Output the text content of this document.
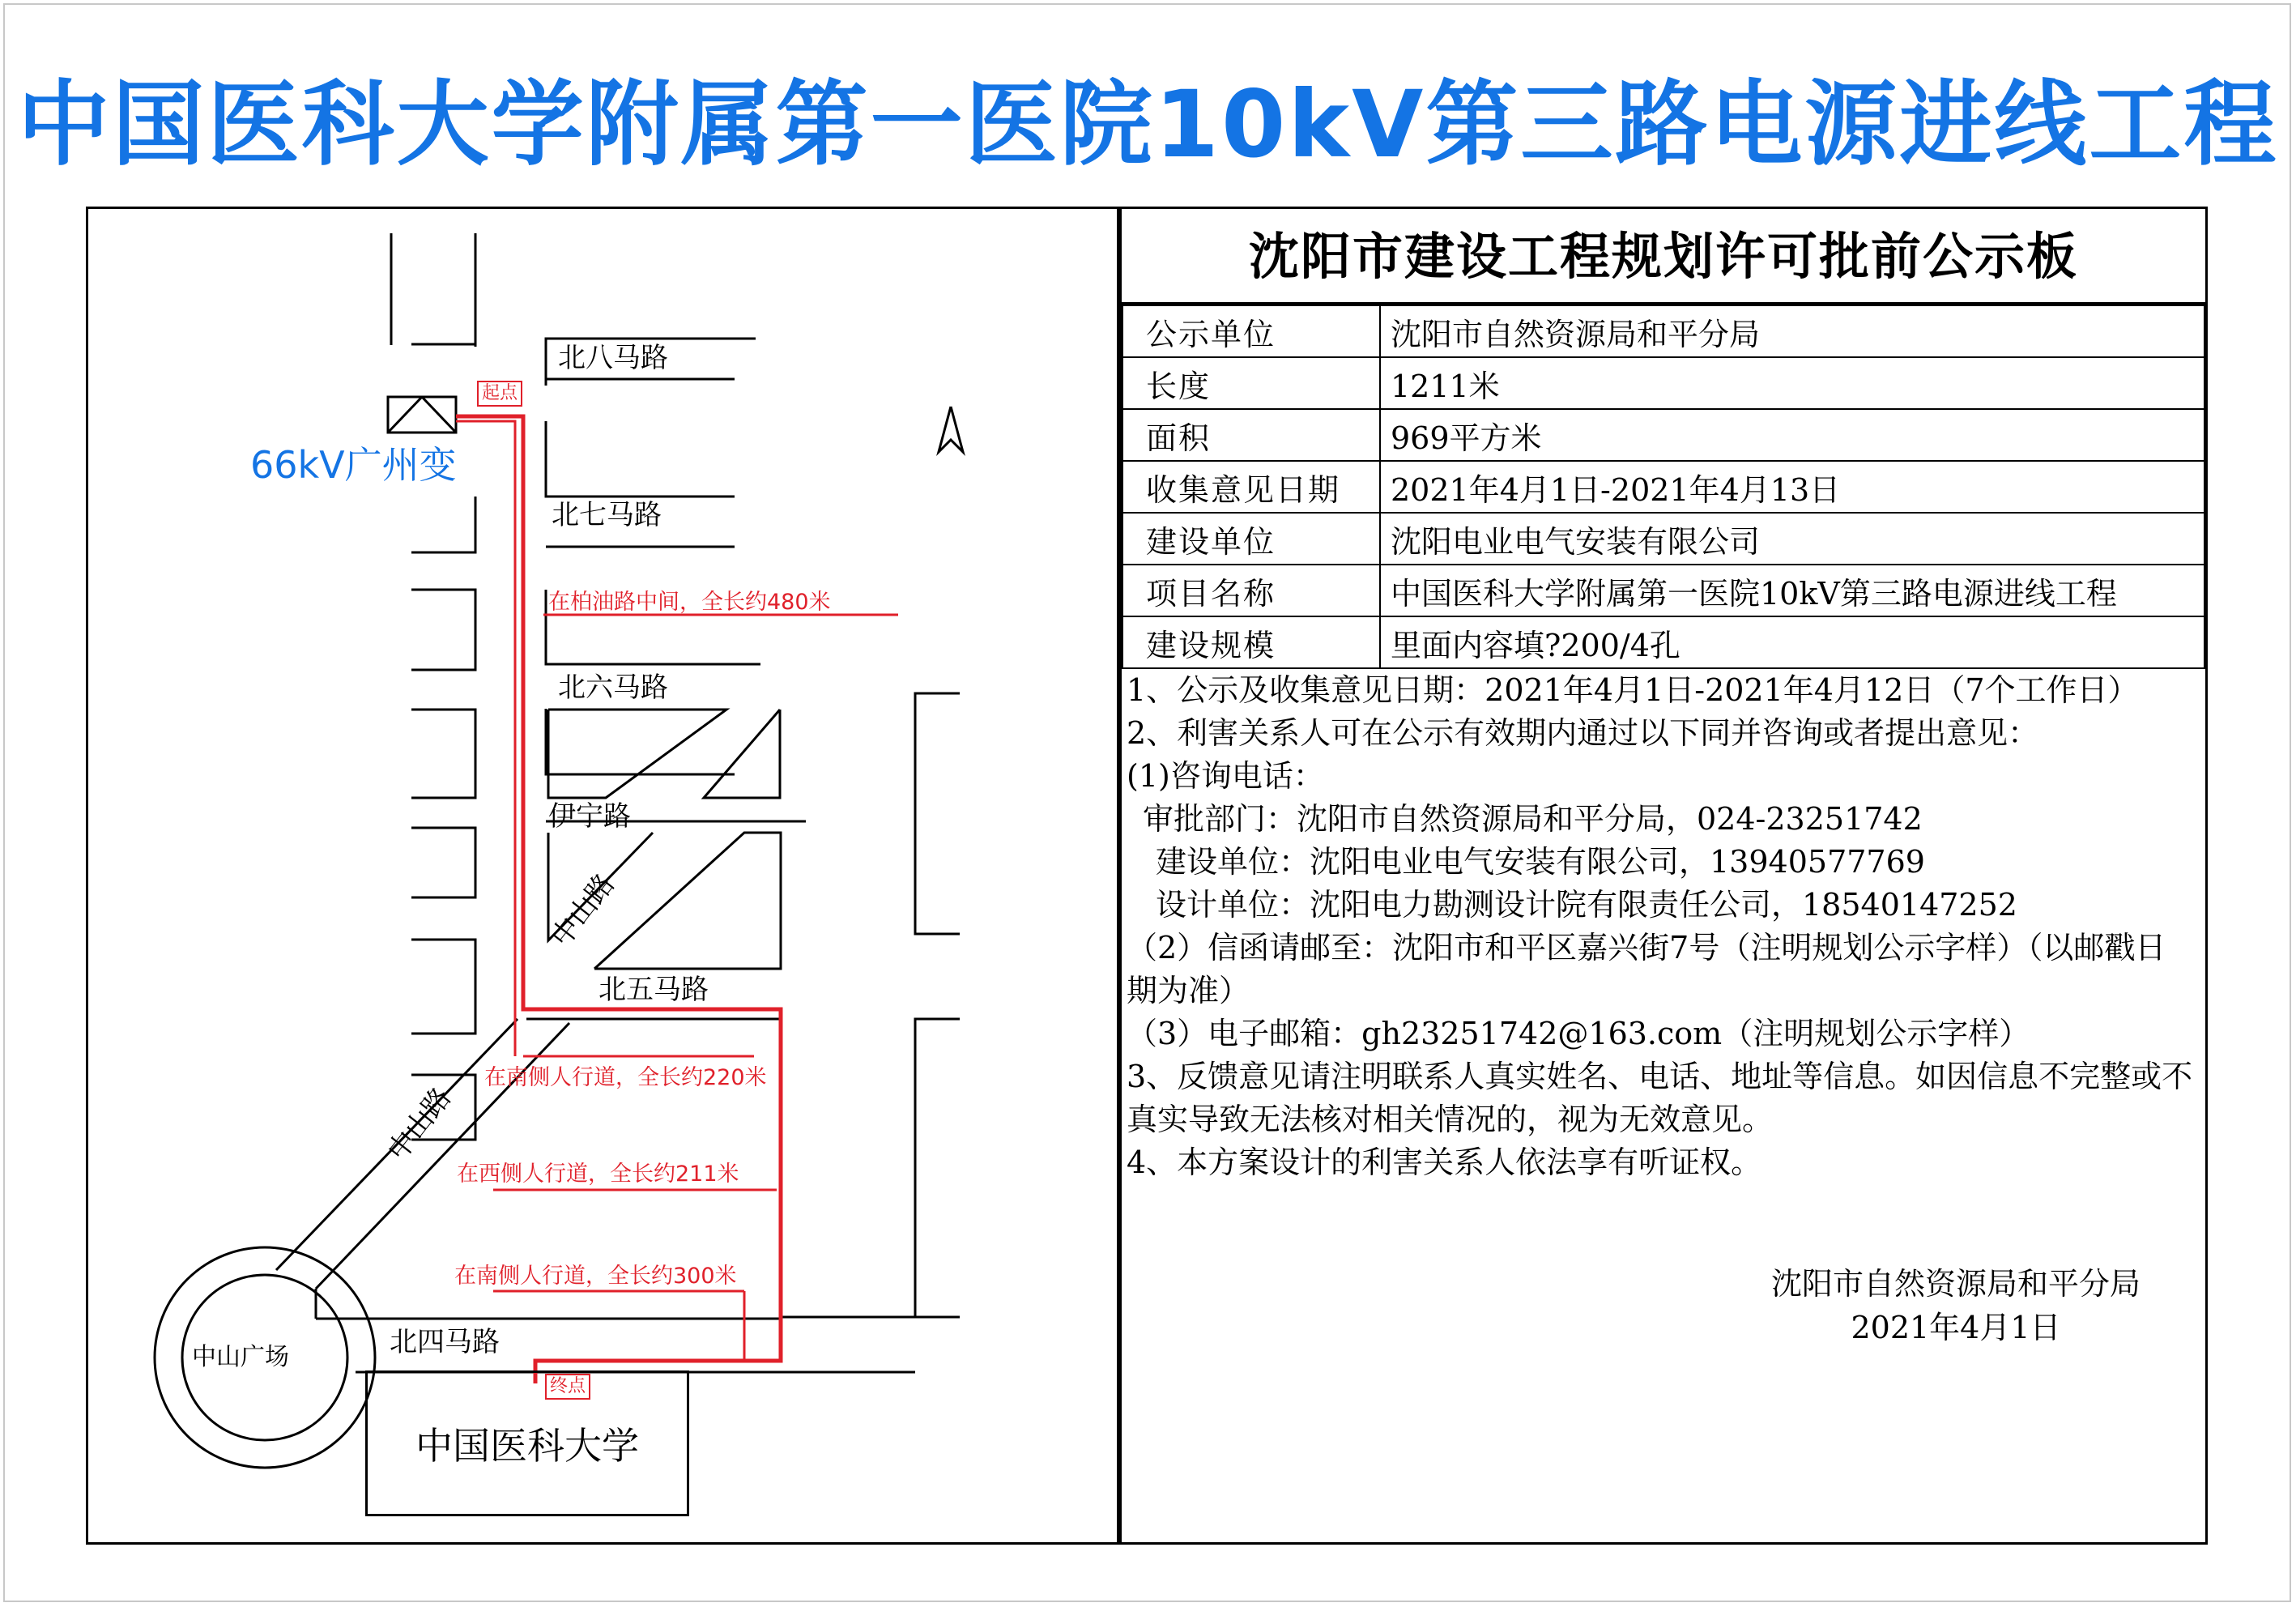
中国医科大学附属第一医院10kV第三路电源进线工程
北八马路
北七马路
北六马路
伊宁路
中山路
北五马路
中山路
北四马路
66kV广州变
起点
终点
在柏油路中间，全长约480米
在南侧人行道，全长约220米
在西侧人行道，全长约211米
在南侧人行道，全长约300米
中山广场
中国医科大学
沈阳市建设工程规划许可批前公示板
公示单位	沈阳市自然资源局和平分局
长度	1211米
面积	969平方米
收集意见日期	2021年4月1日-2021年4月13日
建设单位	沈阳电业电气安装有限公司
项目名称	中国医科大学附属第一医院10kV第三路电源进线工程
建设规模	里面内容填?200/4孔

1、公示及收集意见日期：2021年4月1日-2021年4月12日（7个工作日）

2、利害关系人可在公示有效期内通过以下同并咨询或者提出意见：

(1)咨询电话：

审批部门：沈阳市自然资源局和平分局，024-23251742

建设单位：沈阳电业电气安装有限公司，13940577769

设计单位：沈阳电力勘测设计院有限责任公司，18540147252

（2）信函请邮至：沈阳市和平区嘉兴街7号（注明规划公示字样）（以邮戳日期为准）

（3）电子邮箱：gh23251742@163.com（注明规划公示字样）

3、反馈意见请注明联系人真实姓名、电话、地址等信息。如因信息不完整或不真实导致无法核对相关情况的，视为无效意见。

4、本方案设计的利害关系人依法享有听证权。

沈阳市自然资源局和平分局
2021年4月1日
